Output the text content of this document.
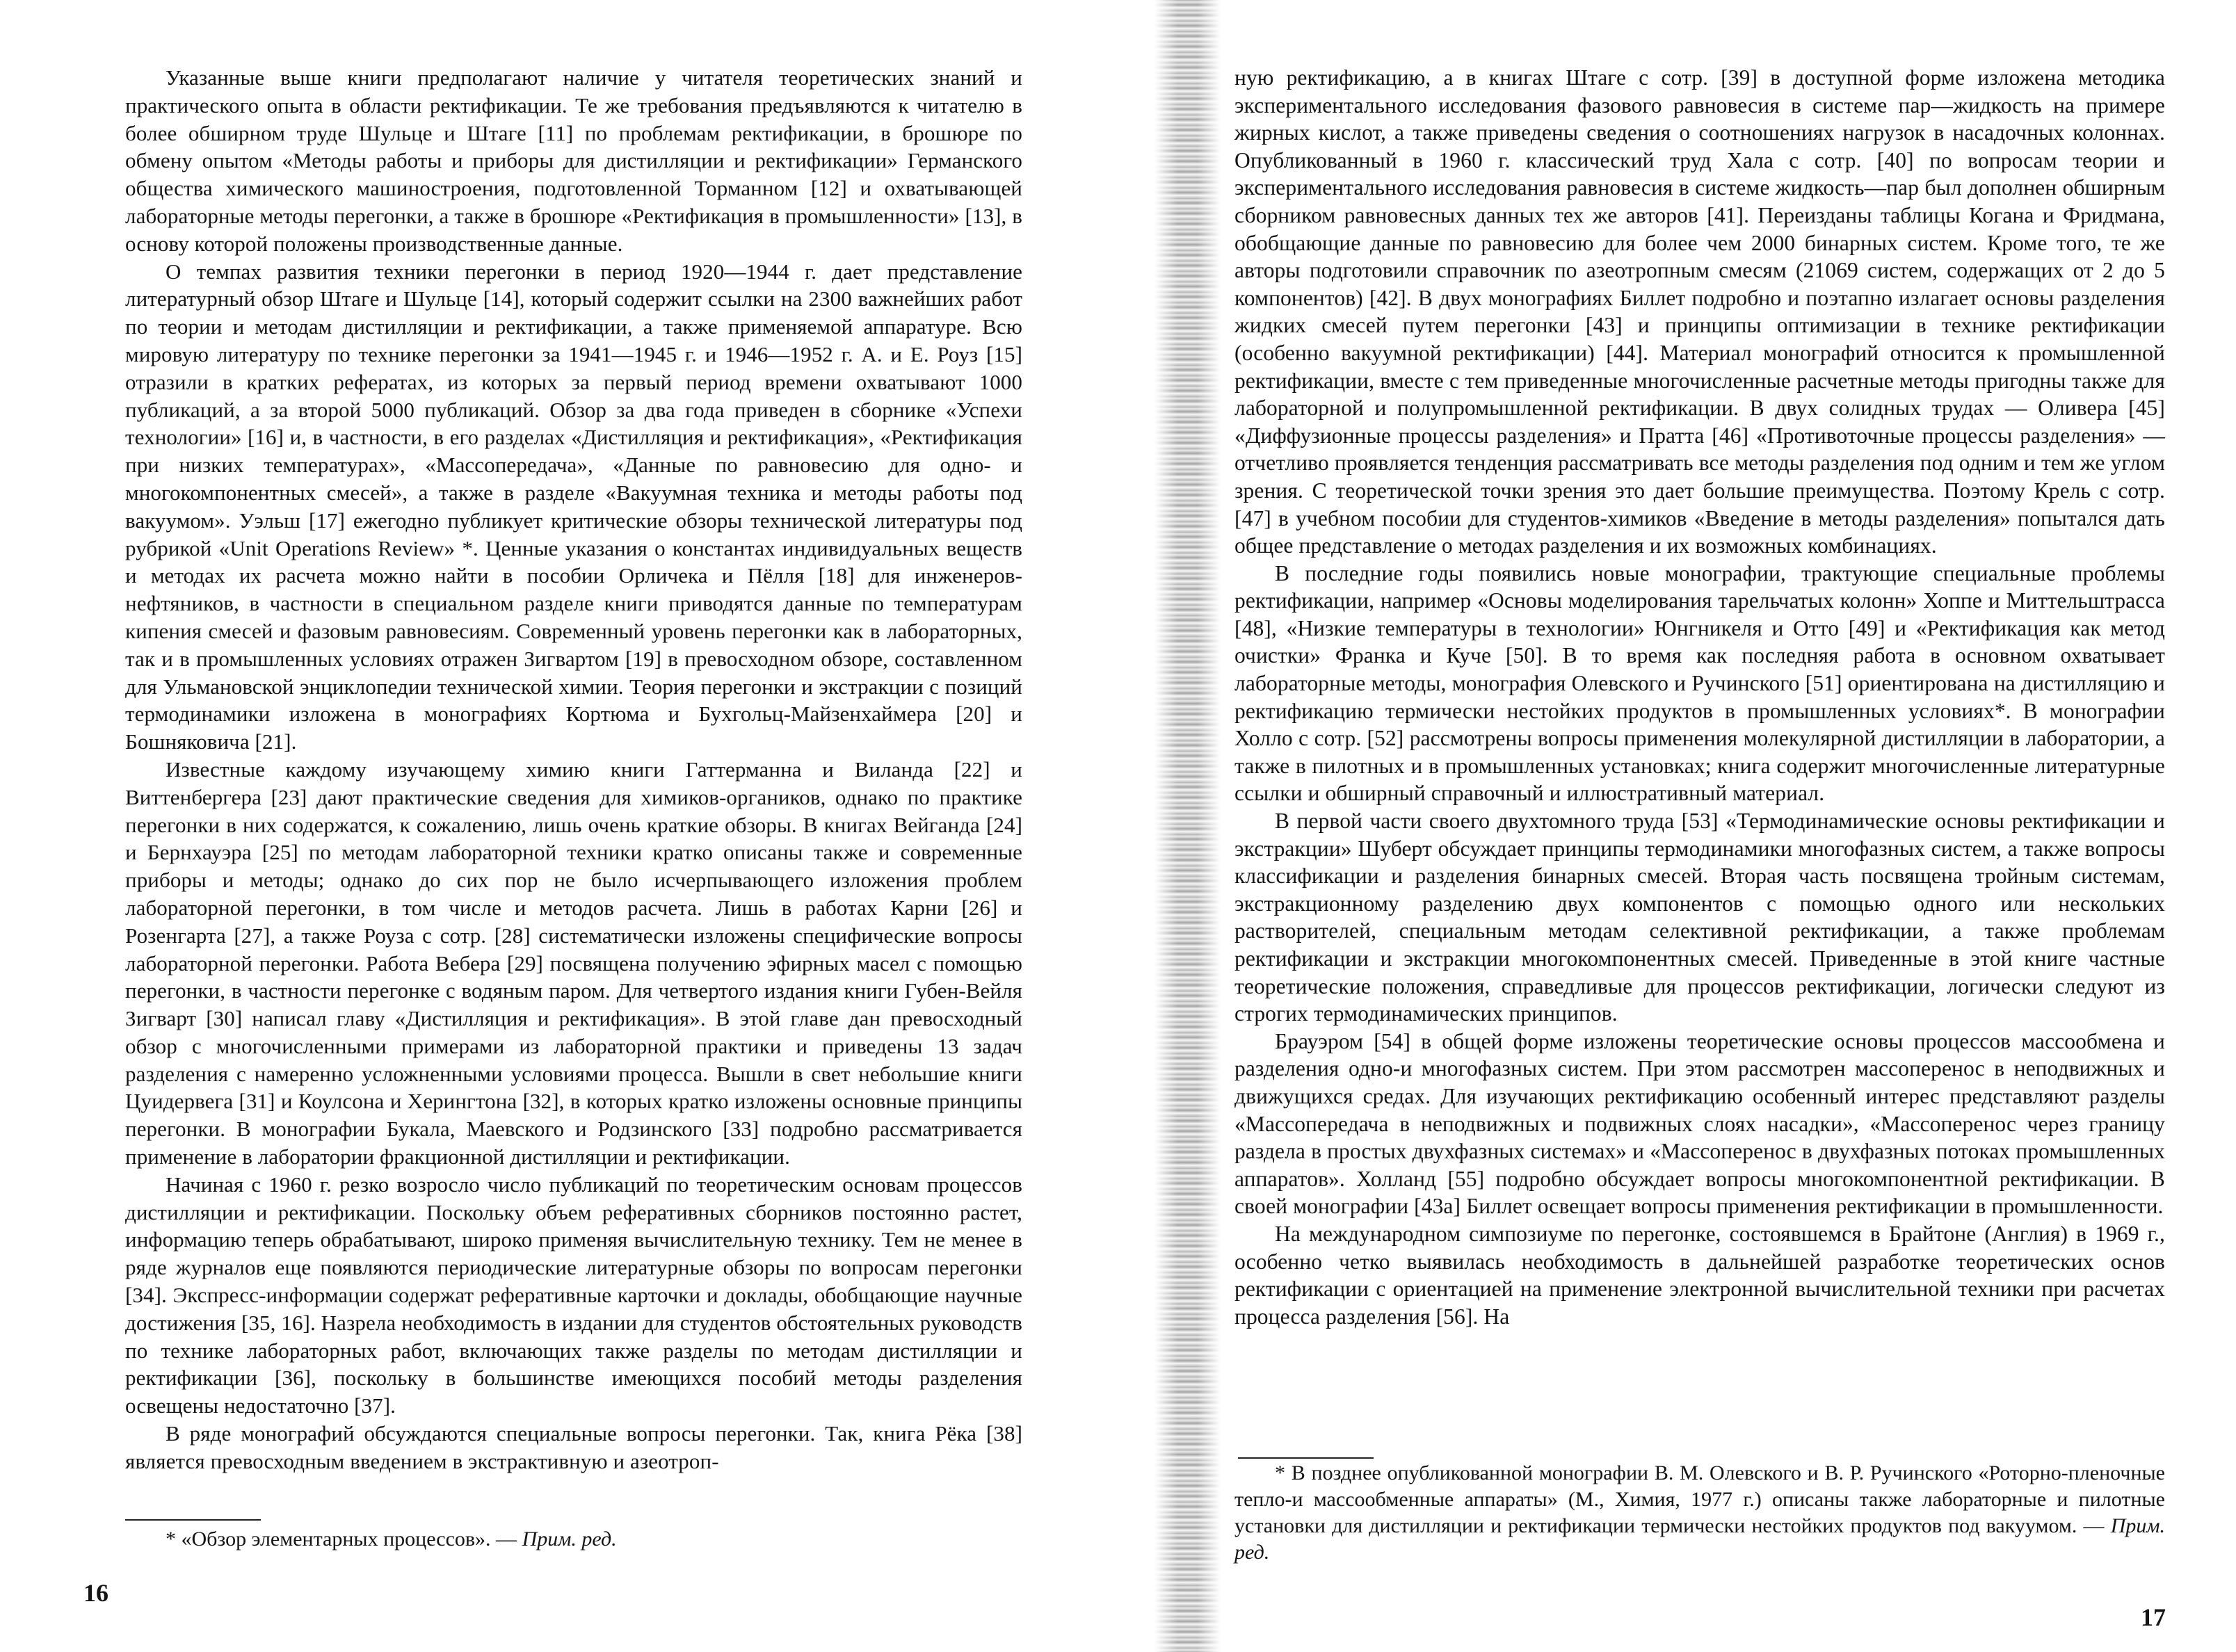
Указанные выше книги предполагают наличие у читателя теоретических знаний и практического опыта в области ректификации. Те же требования предъявляются к читателю в более обширном труде Шульце и Штаге [11] по проблемам ректификации, в брошюре по обмену опытом «Методы работы и приборы для дистилляции и ректификации» Германского общества химического машиностроения, подготовленной Торманном [12] и охватывающей лабораторные методы перегонки, а также в брошюре «Ректификация в промышленности» [13], в основу которой положены производственные данные.

О темпах развития техники перегонки в период 1920—1944 г. дает представление литературный обзор Штаге и Шульце [14], который содержит ссылки на 2300 важнейших работ по теории и методам дистилляции и ректификации, а также применяемой аппаратуре. Всю мировую литературу по технике перегонки за 1941—1945 г. и 1946—1952 г. А. и Е. Роуз [15] отразили в кратких рефератах, из которых за первый период времени охватывают 1000 публикаций, а за второй 5000 публикаций. Обзор за два года приведен в сборнике «Успехи технологии» [16] и, в частности, в его разделах «Дистилляция и ректификация», «Ректификация при низких температурах», «Массопередача», «Данные по равновесию для одно- и многокомпонентных смесей», а также в разделе «Вакуумная техника и методы работы под вакуумом». Уэльш [17] ежегодно публикует критические обзоры технической литературы под рубрикой «Unit Operations Review» *. Ценные указания о константах индивидуальных веществ и методах их расчета можно найти в пособии Орличека и Пёлля [18] для инженеров-нефтяников, в частности в специальном разделе книги приводятся данные по температурам кипения смесей и фазовым равновесиям. Современный уровень перегонки как в лабораторных, так и в промышленных условиях отражен Зигвартом [19] в превосходном обзоре, составленном для Ульмановской энциклопедии технической химии. Теория перегонки и экстракции с позиций термодинамики изложена в монографиях Кортюма и Бухгольц-Майзенхаймера [20] и Бошняковича [21].

Известные каждому изучающему химию книги Гаттерманна и Виланда [22] и Виттенбергера [23] дают практические сведения для химиков-органиков, однако по практике перегонки в них содержатся, к сожалению, лишь очень краткие обзоры. В книгах Вейганда [24] и Бернхауэра [25] по методам лабораторной техники кратко описаны также и современные приборы и методы; однако до сих пор не было исчерпывающего изложения проблем лабораторной перегонки, в том числе и методов расчета. Лишь в работах Карни [26] и Розенгарта [27], а также Роуза с сотр. [28] систематически изложены специфические вопросы лабораторной перегонки. Работа Вебера [29] посвящена получению эфирных масел с помощью перегонки, в частности перегонке с водяным паром. Для четвертого издания книги Губен-Вейля Зигварт [30] написал главу «Дистилляция и ректификация». В этой главе дан превосходный обзор с многочисленными примерами из лабораторной практики и приведены 13 задач разделения с намеренно усложненными условиями процесса. Вышли в свет небольшие книги Цуидервега [31] и Коулсона и Херингтона [32], в которых кратко изложены основные принципы перегонки. В монографии Букала, Маевского и Родзинского [33] подробно рассматривается применение в лаборатории фракционной дистилляции и ректификации.

Начиная с 1960 г. резко возросло число публикаций по теоретическим основам процессов дистилляции и ректификации. Поскольку объем реферативных сборников постоянно растет, информацию теперь обрабатывают, широко применяя вычислительную технику. Тем не менее в ряде журналов еще появляются периодические литературные обзоры по вопросам перегонки [34]. Экспресс-информации содержат реферативные карточки и доклады, обобщающие научные достижения [35, 16]. Назрела необходимость в издании для студентов обстоятельных руководств по технике лабораторных работ, включающих также разделы по методам дистилляции и ректификации [36], поскольку в большинстве имеющихся пособий методы разделения освещены недостаточно [37].

В ряде монографий обсуждаются специальные вопросы перегонки. Так, книга Рёка [38] является превосходным введением в экстрактивную и азеотроп-

* «Обзор элементарных процессов». — Прим. ред.

16

ную ректификацию, а в книгах Штаге с сотр. [39] в доступной форме изложена методика экспериментального исследования фазового равновесия в системе пар—жидкость на примере жирных кислот, а также приведены сведения о соотношениях нагрузок в насадочных колоннах. Опубликованный в 1960 г. классический труд Хала с сотр. [40] по вопросам теории и экспериментального исследования равновесия в системе жидкость—пар был дополнен обширным сборником равновесных данных тех же авторов [41]. Переизданы таблицы Когана и Фридмана, обобщающие данные по равновесию для более чем 2000 бинарных систем. Кроме того, те же авторы подготовили справочник по азеотропным смесям (21069 систем, содержащих от 2 до 5 компонентов) [42]. В двух монографиях Биллет подробно и поэтапно излагает основы разделения жидких смесей путем перегонки [43] и принципы оптимизации в технике ректификации (особенно вакуумной ректификации) [44]. Материал монографий относится к промышленной ректификации, вместе с тем приведенные многочисленные расчетные методы пригодны также для лабораторной и полупромышленной ректификации. В двух солидных трудах — Оливера [45] «Диффузионные процессы разделения» и Пратта [46] «Противоточные процессы разделения» — отчетливо проявляется тенденция рассматривать все методы разделения под одним и тем же углом зрения. С теоретической точки зрения это дает большие преимущества. Поэтому Крель с сотр. [47] в учебном пособии для студентов-химиков «Введение в методы разделения» попытался дать общее представление о методах разделения и их возможных комбинациях.

В последние годы появились новые монографии, трактующие специальные проблемы ректификации, например «Основы моделирования тарельчатых колонн» Хоппе и Миттельштрасса [48], «Низкие температуры в технологии» Юнгникеля и Отто [49] и «Ректификация как метод очистки» Франка и Куче [50]. В то время как последняя работа в основном охватывает лабораторные методы, монография Олевского и Ручинского [51] ориентирована на дистилляцию и ректификацию термически нестойких продуктов в промышленных условиях*. В монографии Холло с сотр. [52] рассмотрены вопросы применения молекулярной дистилляции в лаборатории, а также в пилотных и в промышленных установках; книга содержит многочисленные литературные ссылки и обширный справочный и иллюстративный материал.

В первой части своего двухтомного труда [53] «Термодинамические основы ректификации и экстракции» Шуберт обсуждает принципы термодинамики многофазных систем, а также вопросы классификации и разделения бинарных смесей. Вторая часть посвящена тройным системам, экстракционному разделению двух компонентов с помощью одного или нескольких растворителей, специальным методам селективной ректификации, а также проблемам ректификации и экстракции многокомпонентных смесей. Приведенные в этой книге частные теоретические положения, справедливые для процессов ректификации, логически следуют из строгих термодинамических принципов.

Брауэром [54] в общей форме изложены теоретические основы процессов массообмена и разделения одно-и многофазных систем. При этом рассмотрен массоперенос в неподвижных и движущихся средах. Для изучающих ректификацию особенный интерес представляют разделы «Массопередача в неподвижных и подвижных слоях насадки», «Массоперенос через границу раздела в простых двухфазных системах» и «Массоперенос в двухфазных потоках промышленных аппаратов». Холланд [55] подробно обсуждает вопросы многокомпонентной ректификации. В своей монографии [43а] Биллет освещает вопросы применения ректификации в промышленности.

На международном симпозиуме по перегонке, состоявшемся в Брайтоне (Англия) в 1969 г., особенно четко выявилась необходимость в дальнейшей разработке теоретических основ ректификации с ориентацией на применение электронной вычислительной техники при расчетах процесса разделения [56]. На

* В позднее опубликованной монографии В. М. Олевского и В. Р. Ручинского «Роторно-пленочные тепло-и массообменные аппараты» (М., Химия, 1977 г.) описаны также лабораторные и пилотные установки для дистилляции и ректификации термически нестойких продуктов под вакуумом. — Прим. ред.

17
